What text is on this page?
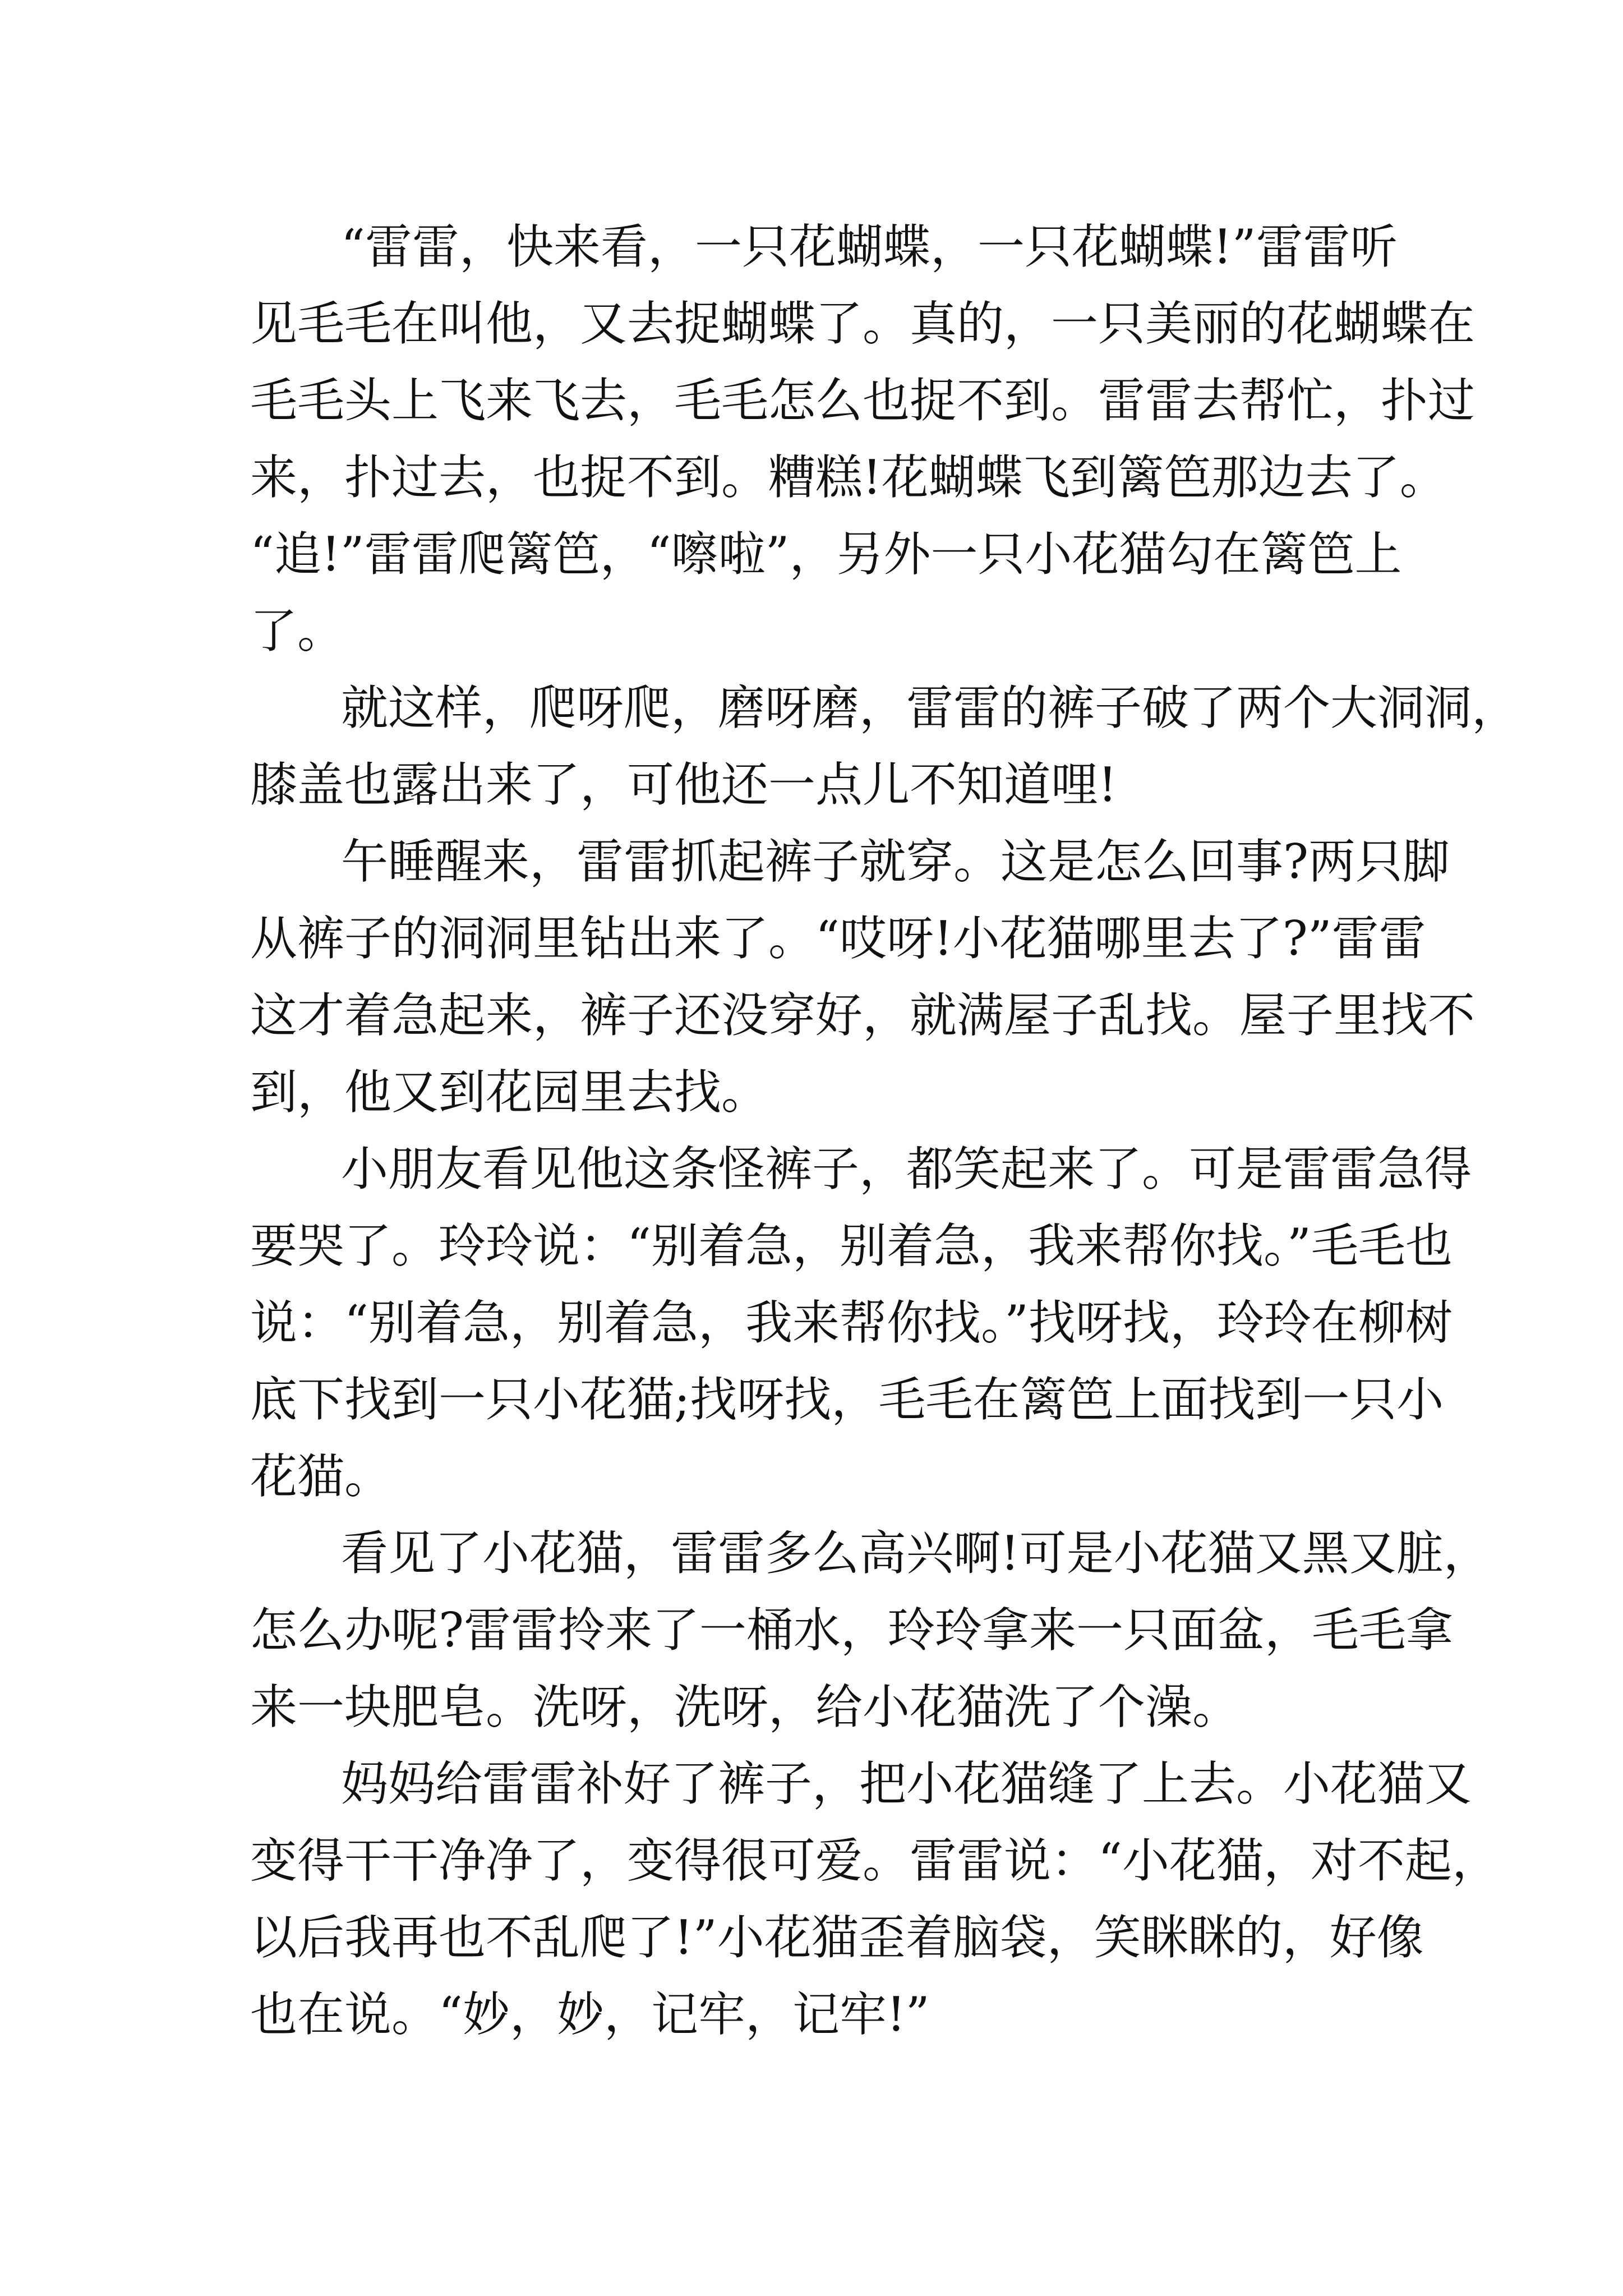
“雷雷，快来看，一只花蝴蝶，一只花蝴蝶!”雷雷听
见毛毛在叫他，又去捉蝴蝶了。真的，一只美丽的花蝴蝶在
毛毛头上飞来飞去，毛毛怎么也捉不到。雷雷去帮忙，扑过
来，扑过去，也捉不到。糟糕!花蝴蝶飞到篱笆那边去了。
“追!”雷雷爬篱笆，“嚓啦”，另外一只小花猫勾在篱笆上
了。

就这样，爬呀爬，磨呀磨，雷雷的裤子破了两个大洞洞，
膝盖也露出来了，可他还一点儿不知道哩!

午睡醒来，雷雷抓起裤子就穿。这是怎么回事?两只脚
从裤子的洞洞里钻出来了。“哎呀!小花猫哪里去了?”雷雷
这才着急起来，裤子还没穿好，就满屋子乱找。屋子里找不
到，他又到花园里去找。

小朋友看见他这条怪裤子，都笑起来了。可是雷雷急得
要哭了。玲玲说：“别着急，别着急，我来帮你找。”毛毛也
说：“别着急，别着急，我来帮你找。”找呀找，玲玲在柳树
底下找到一只小花猫;找呀找，毛毛在篱笆上面找到一只小
花猫。

看见了小花猫，雷雷多么高兴啊!可是小花猫又黑又脏，
怎么办呢?雷雷拎来了一桶水，玲玲拿来一只面盆，毛毛拿
来一块肥皂。洗呀，洗呀，给小花猫洗了个澡。

妈妈给雷雷补好了裤子，把小花猫缝了上去。小花猫又
变得干干净净了，变得很可爱。雷雷说：“小花猫，对不起，
以后我再也不乱爬了!”小花猫歪着脑袋，笑眯眯的，好像
也在说。“妙，妙，记牢，记牢!”
